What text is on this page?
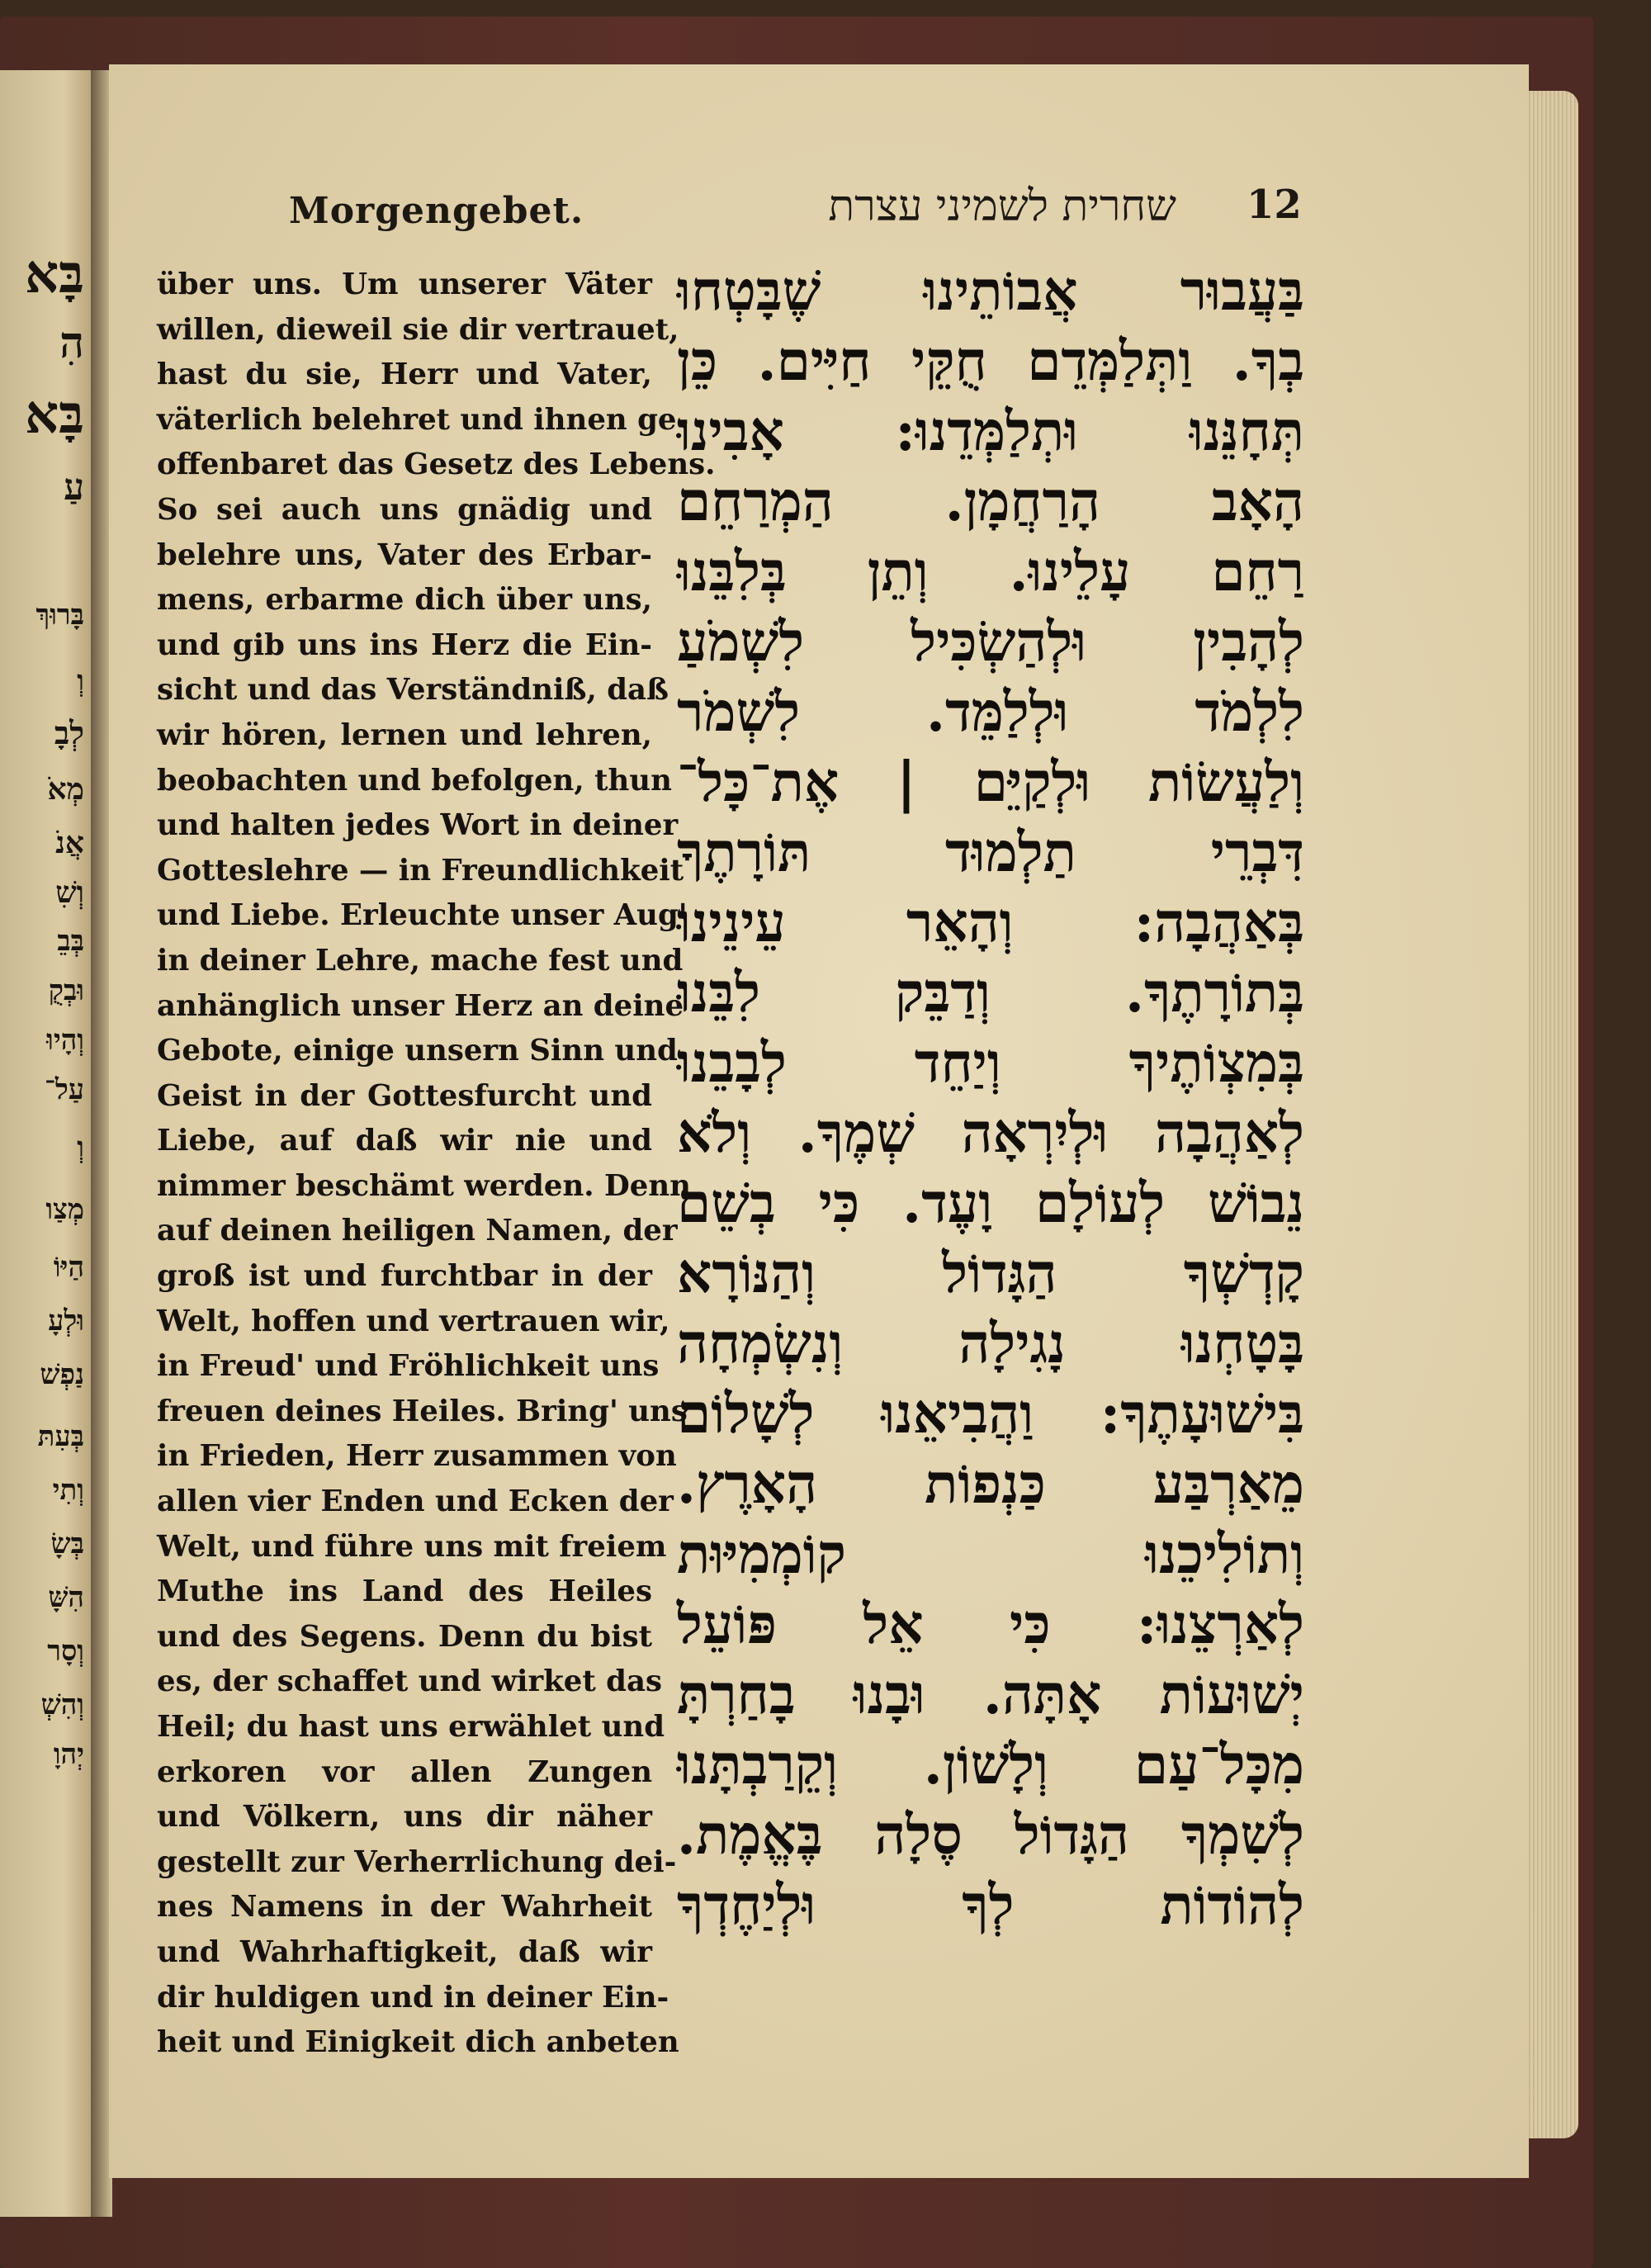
בָּא
הִ
בָּא
עַ
בָּרוּךְ
וְ
לְבָ
מְאֹ
אֲנֹ
וְשִׁ
בְּבֵ
וּבְקֻ
וְהָיוּ
עַל־
וְ
מְצַו
הַיּוֹ
וּלְעָ
נַפְשׁ
בְּעִתּ
וְתִי
בְּשָׂ
הִשָּׁ
וְסָר
וְהִשְׁ
יְהוָ
Morgengebet.	שחרית לשמיני עצרת 12
über uns. Um unserer Väter
willen, dieweil sie dir vertrauet,
hast du sie, Herr und Vater,
väterlich belehret und ihnen ge-
offenbaret das Gesetz des Lebens.
So sei auch uns gnädig und
belehre uns, Vater des Erbar-
mens, erbarme dich über uns,
und gib uns ins Herz die Ein-
sicht und das Verständniß, daß
wir hören, lernen und lehren,
beobachten und befolgen, thun
und halten jedes Wort in deiner
Gotteslehre — in Freundlichkeit
und Liebe. Erleuchte unser Aug'
in deiner Lehre, mache fest und
anhänglich unser Herz an deine
Gebote, einige unsern Sinn und
Geist in der Gottesfurcht und
Liebe, auf daß wir nie und
nimmer beschämt werden. Denn
auf deinen heiligen Namen, der
groß ist und furchtbar in der
Welt, hoffen und vertrauen wir,
in Freud' und Fröhlichkeit uns
freuen deines Heiles. Bring' uns
in Frieden, Herr zusammen von
allen vier Enden und Ecken der
Welt, und führe uns mit freiem
Muthe ins Land des Heiles
und des Segens. Denn du bist
es, der schaffet und wirket das
Heil; du hast uns erwählet und
erkoren vor allen Zungen
und Völkern, uns dir näher
gestellt zur Verherrlichung dei-
nes Namens in der Wahrheit
und Wahrhaftigkeit, daß wir
dir huldigen und in deiner Ein-
heit und Einigkeit dich anbeten
בַּעֲבוּר אֲבוֹתֵינוּ שֶׁבָּטְחוּ
בְךָ. וַתְּלַמְּדֵם חֻקֵּי חַיִּים. כֵּן
תְּחָנֵּנוּ וּתְלַמְּדֵנוּ: אָבִינוּ
הָאָב הָרַחֲמָן. הַמְרַחֵם
רַחֵם עָלֵינוּ. וְתֵן בְּלִבֵּנוּ
לְהָבִין וּלְהַשְׂכִּיל לִשְׁמֹעַ
לִלְמֹד וּלְלַמֵּד. לִשְׁמֹר
וְלַעֲשׂוֹת וּלְקַיֵּם | אֶת־כָּל־
דִּבְרֵי תַלְמוּד תּוֹרָתֶךָ
בְּאַהֲבָה: וְהָאֵר עֵינֵינוּ
בְּתוֹרָתֶךָ. וְדַבֵּק לִבֵּנוּ
בְּמִצְוֹתֶיךָ וְיַחֵד לְבָבֵנוּ
לְאַהֲבָה וּלְיִרְאָה שְׁמֶךָ. וְלֹא
נֵבוֹשׁ לְעוֹלָם וָעֶד. כִּי בְשֵׁם
קָדְשְׁךָ הַגָּדוֹל וְהַנּוֹרָא
בָּטָחְנוּ נָגִילָה וְנִשְׂמְחָה
בִּישׁוּעָתֶךָ: וַהֲבִיאֵנוּ לְשָׁלוֹם
מֵאַרְבַּע כַּנְפוֹת הָאָרֶץ.
וְתוֹלִיכֵנוּ קוֹמְמִיּוּת
לְאַרְצֵנוּ: כִּי אֵל פּוֹעֵל
יְשׁוּעוֹת אָתָּה. וּבָנוּ בָחַרְתָּ
מִכָּל־עַם וְלָשׁוֹן. וְקֵרַבְתָּנוּ
לְשִׁמְךָ הַגָּדוֹל סֶלָה בֶּאֱמֶת.
לְהוֹדוֹת לְךָ וּלְיַחֶדְךָ
